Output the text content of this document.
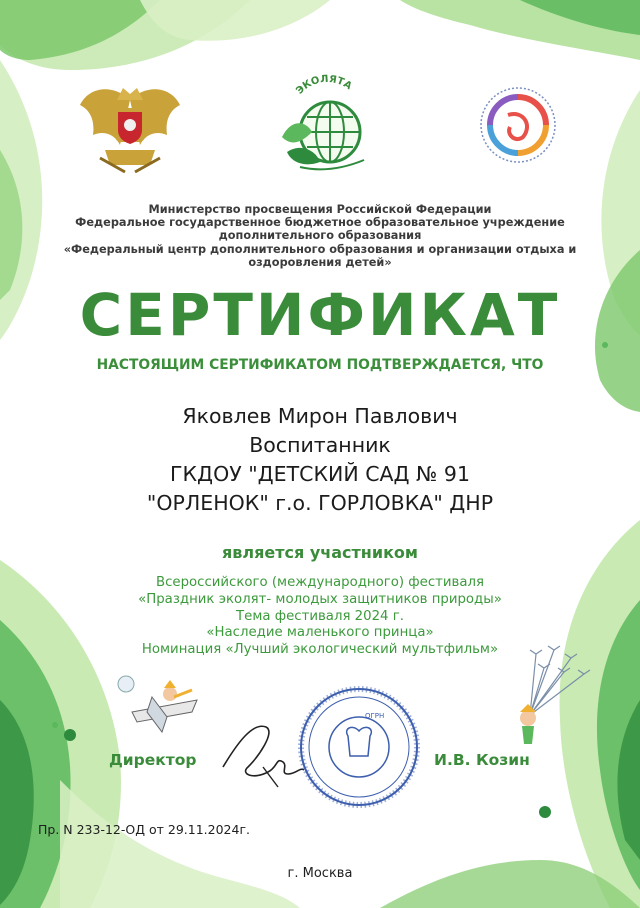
ЭКОЛЯТА
Министерство просвещения Российской Федерации
Федеральное государственное бюджетное образовательное учреждение
дополнительного образования
«Федеральный центр дополнительного образования и организации отдыха и
оздоровления детей»
СЕРТИФИКАТ
НАСТОЯЩИМ СЕРТИФИКАТОМ ПОДТВЕРЖДАЕТСЯ, ЧТО
Яковлев Мирон Павлович
Воспитанник
ГКДОУ "ДЕТСКИЙ САД № 91
"ОРЛЕНОК" г.о. ГОРЛОВКА" ДНР
является участником
Всероссийского (международного) фестиваля
«Праздник эколят- молодых защитников природы»
Тема фестиваля 2024 г.
«Наследие маленького принца»
Номинация «Лучший экологический мультфильм»
Директор
ОГРН
И.В. Козин
Пр. N 233-12-ОД от 29.11.2024г.
г. Москва
